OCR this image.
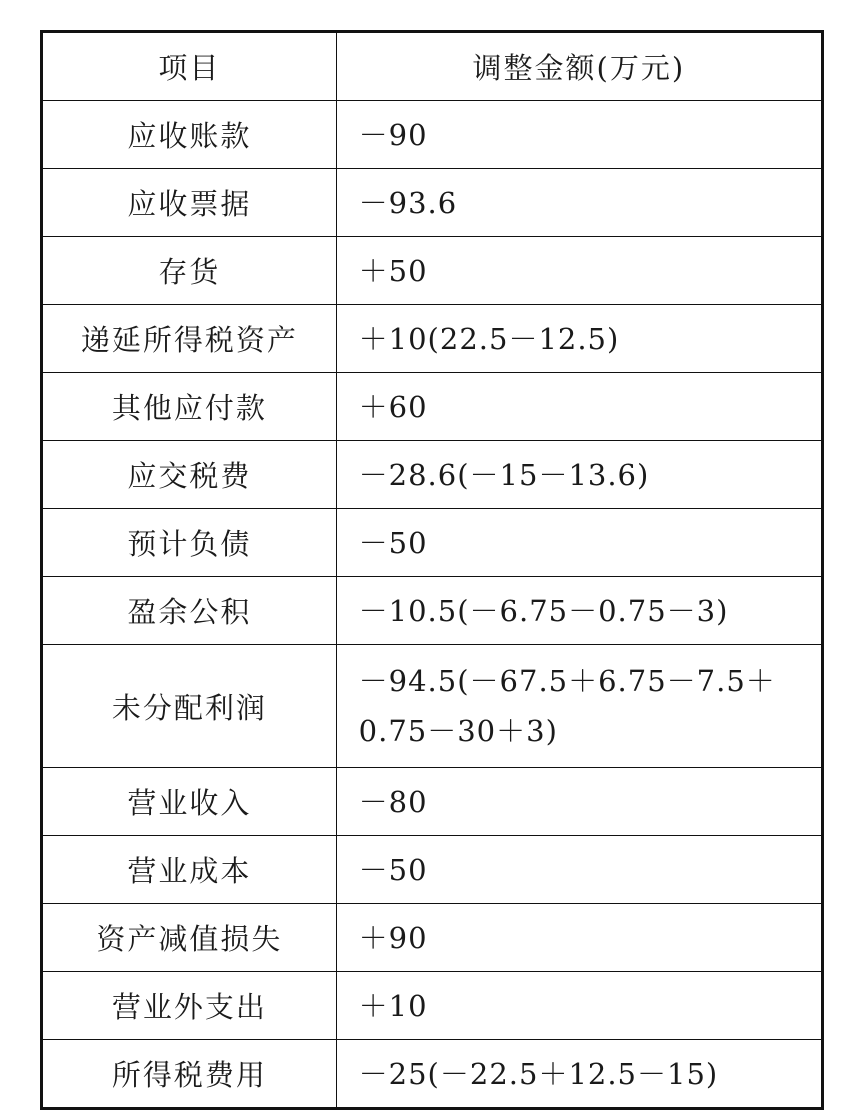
项目	调整金额(万元)
应收账款	－90
应收票据	－93.6
存货	＋50
递延所得税资产	＋10(22.5－12.5)
其他应付款	＋60
应交税费	－28.6(－15－13.6)
预计负债	－50
盈余公积	－10.5(－6.75－0.75－3)
未分配利润	－94.5(－67.5＋6.75－7.5＋0.75－30＋3)
营业收入	－80
营业成本	－50
资产减值损失	＋90
营业外支出	＋10
所得税费用	－25(－22.5＋12.5－15)
